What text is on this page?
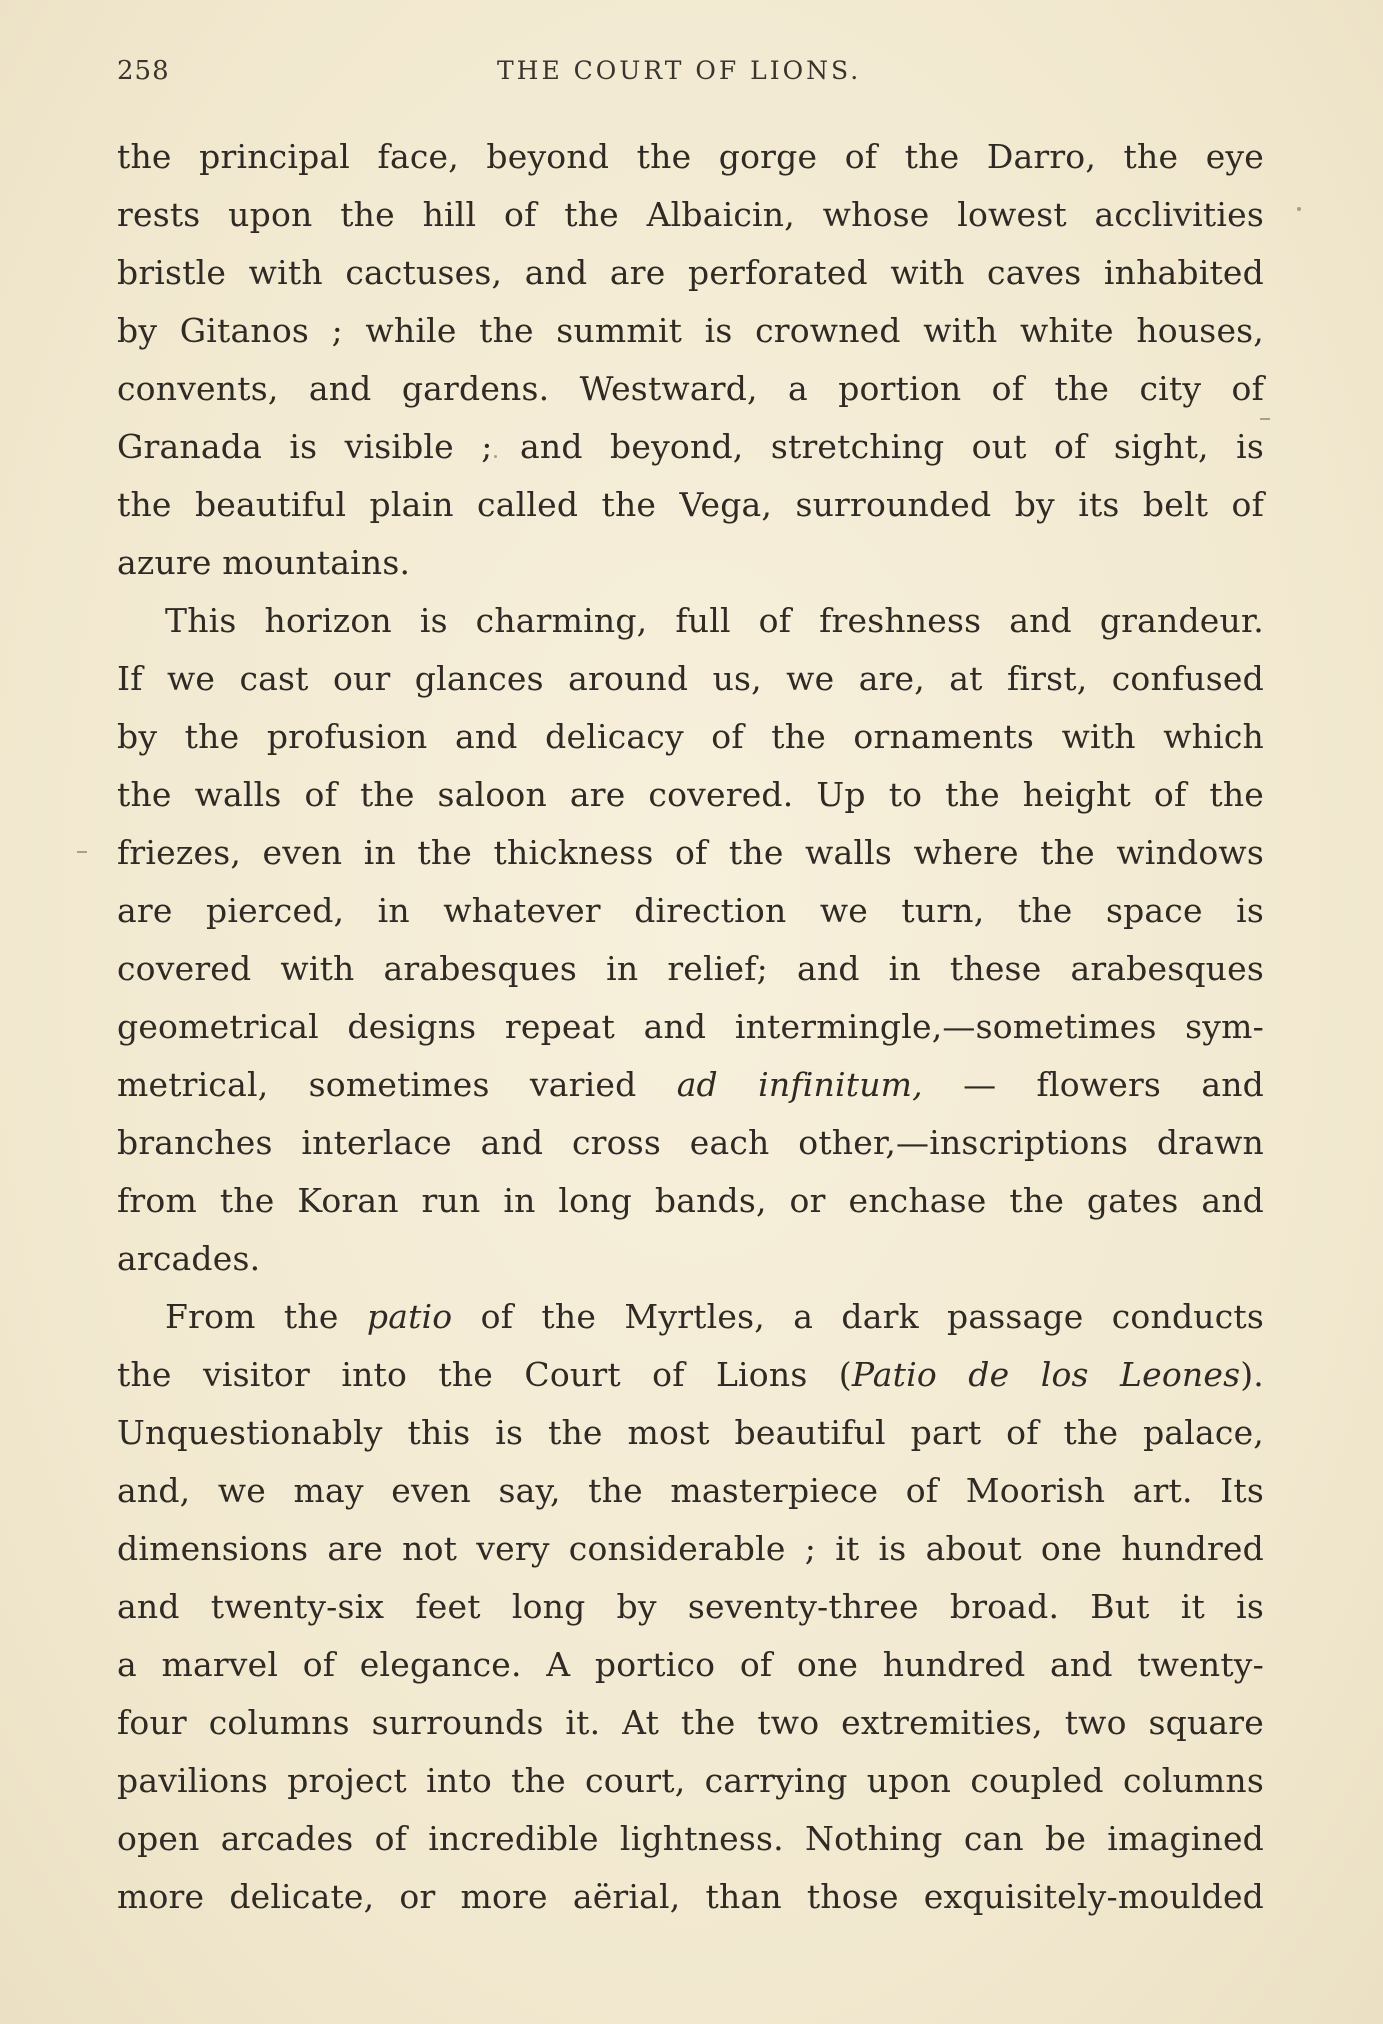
258	THE COURT OF LIONS.
the principal face, beyond the gorge of the Darro, the eye
rests upon the hill of the Albaicin, whose lowest acclivities
bristle with cactuses, and are perforated with caves inhabited
by Gitanos ; while the summit is crowned with white houses,
convents, and gardens. Westward, a portion of the city of
Granada is visible ; and beyond, stretching out of sight, is
the beautiful plain called the Vega, surrounded by its belt of
azure mountains.
This horizon is charming, full of freshness and grandeur.
If we cast our glances around us, we are, at first, confused
by the profusion and delicacy of the ornaments with which
the walls of the saloon are covered. Up to the height of the
friezes, even in the thickness of the walls where the windows
are pierced, in whatever direction we turn, the space is
covered with arabesques in relief; and in these arabesques
geometrical designs repeat and intermingle,—sometimes sym-
metrical, sometimes varied ad infinitum, — flowers and
branches interlace and cross each other,—inscriptions drawn
from the Koran run in long bands, or enchase the gates and
arcades.
From the patio of the Myrtles, a dark passage conducts
the visitor into the Court of Lions (Patio de los Leones).
Unquestionably this is the most beautiful part of the palace,
and, we may even say, the masterpiece of Moorish art. Its
dimensions are not very considerable ; it is about one hundred
and twenty-six feet long by seventy-three broad. But it is
a marvel of elegance. A portico of one hundred and twenty-
four columns surrounds it. At the two extremities, two square
pavilions project into the court, carrying upon coupled columns
open arcades of incredible lightness. Nothing can be imagined
more delicate, or more aërial, than those exquisitely-moulded
